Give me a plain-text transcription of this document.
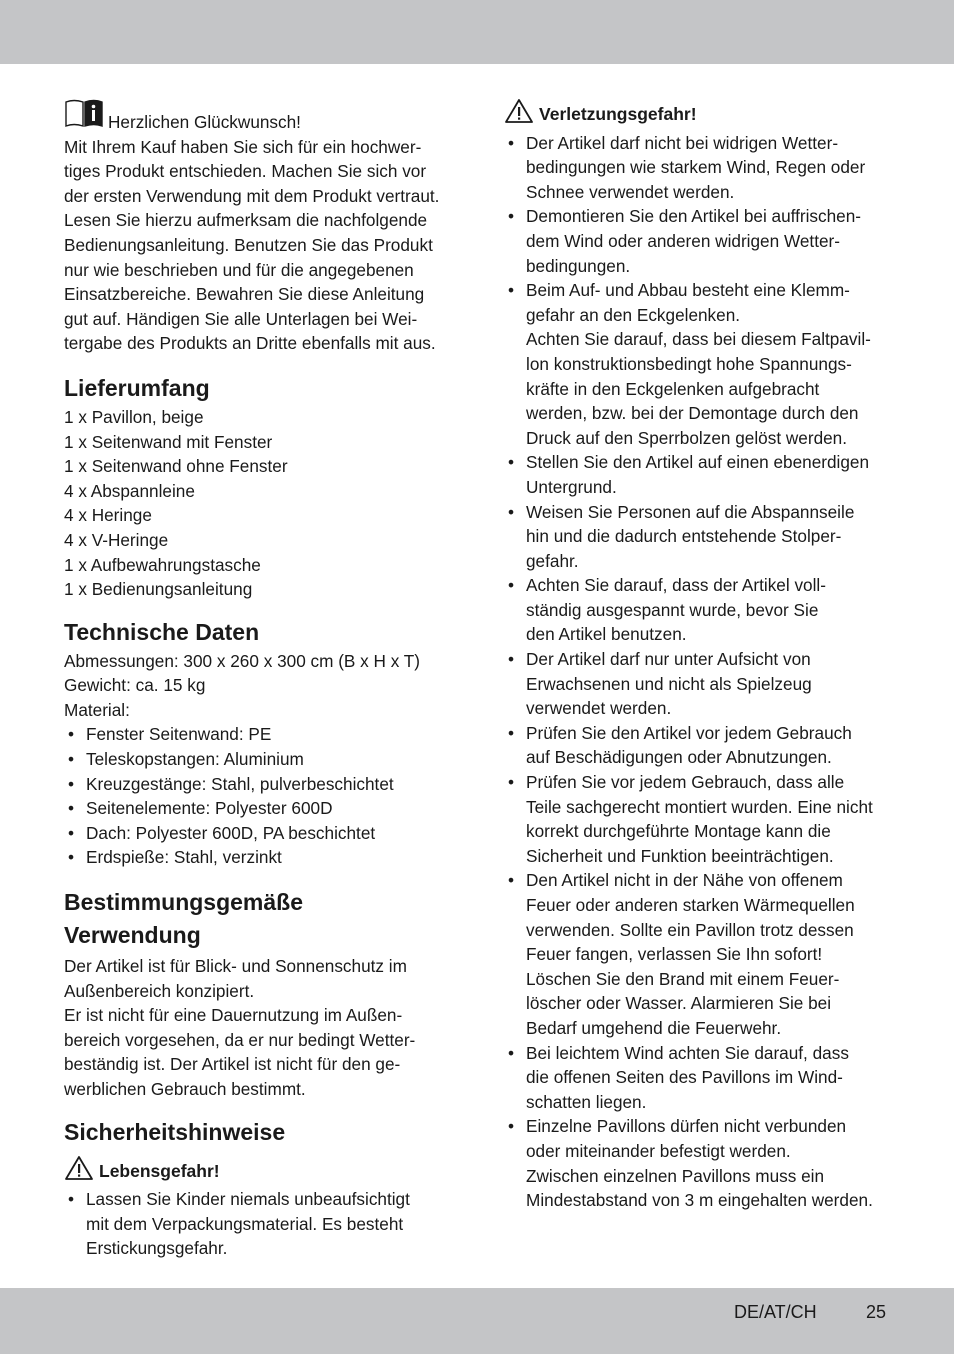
Herzlichen Glückwunsch!

Mit Ihrem Kauf haben Sie sich für ein hochwer-
tiges Produkt entschieden. Machen Sie sich vor
der ersten Verwendung mit dem Produkt vertraut.
Lesen Sie hierzu aufmerksam die nachfolgende
Bedienungsanleitung. Benutzen Sie das Produkt
nur wie beschrieben und für die angegebenen
Einsatzbereiche. Bewahren Sie diese Anleitung
gut auf. Händigen Sie alle Unterlagen bei Wei-
tergabe des Produkts an Dritte ebenfalls mit aus.

Lieferumfang
1 x Pavillon, beige
1 x Seitenwand mit Fenster
1 x Seitenwand ohne Fenster
4 x Abspannleine
4 x Heringe
4 x V-Heringe
1 x Aufbewahrungstasche
1 x Bedienungsanleitung
Technische Daten
Abmessungen: 300 x 260 x 300 cm (B x H x T)
Gewicht: ca. 15 kg
Material:
• Fenster Seitenwand: PE
• Teleskopstangen: Aluminium
• Kreuzgestänge: Stahl, pulverbeschichtet
• Seitenelemente: Polyester 600D
• Dach: Polyester 600D, PA beschichtet
• Erdspieße: Stahl, verzinkt
Bestimmungsgemäße
Verwendung

Der Artikel ist für Blick- und Sonnenschutz im
Außenbereich konzipiert.
Er ist nicht für eine Dauernutzung im Außen-
bereich vorgesehen, da er nur bedingt Wetter-
beständig ist. Der Artikel ist nicht für den ge-
werblichen Gebrauch bestimmt.

Sicherheitshinweise
Lebensgefahr!
• Lassen Sie Kinder niemals unbeaufsichtigt
mit dem Verpackungsmaterial. Es besteht
Erstickungsgefahr.
Verletzungsgefahr!
• Der Artikel darf nicht bei widrigen Wetter-
bedingungen wie starkem Wind, Regen oder
Schnee verwendet werden.
• Demontieren Sie den Artikel bei auffrischen-
dem Wind oder anderen widrigen Wetter-
bedingungen.
• Beim Auf- und Abbau besteht eine Klemm-
gefahr an den Eckgelenken.
Achten Sie darauf, dass bei diesem Faltpavil-
lon konstruktionsbedingt hohe Spannungs-
kräfte in den Eckgelenken aufgebracht
werden, bzw. bei der Demontage durch den
Druck auf den Sperrbolzen gelöst werden.
• Stellen Sie den Artikel auf einen ebenerdigen
Untergrund.
• Weisen Sie Personen auf die Abspannseile
hin und die dadurch entstehende Stolper-
gefahr.
• Achten Sie darauf, dass der Artikel voll-
ständig ausgespannt wurde, bevor Sie
den Artikel benutzen.
• Der Artikel darf nur unter Aufsicht von
Erwachsenen und nicht als Spielzeug
verwendet werden.
• Prüfen Sie den Artikel vor jedem Gebrauch
auf Beschädigungen oder Abnutzungen.
• Prüfen Sie vor jedem Gebrauch, dass alle
Teile sachgerecht montiert wurden. Eine nicht
korrekt durchgeführte Montage kann die
Sicherheit und Funktion beeinträchtigen.
• Den Artikel nicht in der Nähe von offenem
Feuer oder anderen starken Wärmequellen
verwenden. Sollte ein Pavillon trotz dessen
Feuer fangen, verlassen Sie Ihn sofort!
Löschen Sie den Brand mit einem Feuer-
löscher oder Wasser. Alarmieren Sie bei
Bedarf umgehend die Feuerwehr.
• Bei leichtem Wind achten Sie darauf, dass
die offenen Seiten des Pavillons im Wind-
schatten liegen.
• Einzelne Pavillons dürfen nicht verbunden
oder miteinander befestigt werden.
Zwischen einzelnen Pavillons muss ein
Mindestabstand von 3 m eingehalten werden.
DE/AT/CH	25
